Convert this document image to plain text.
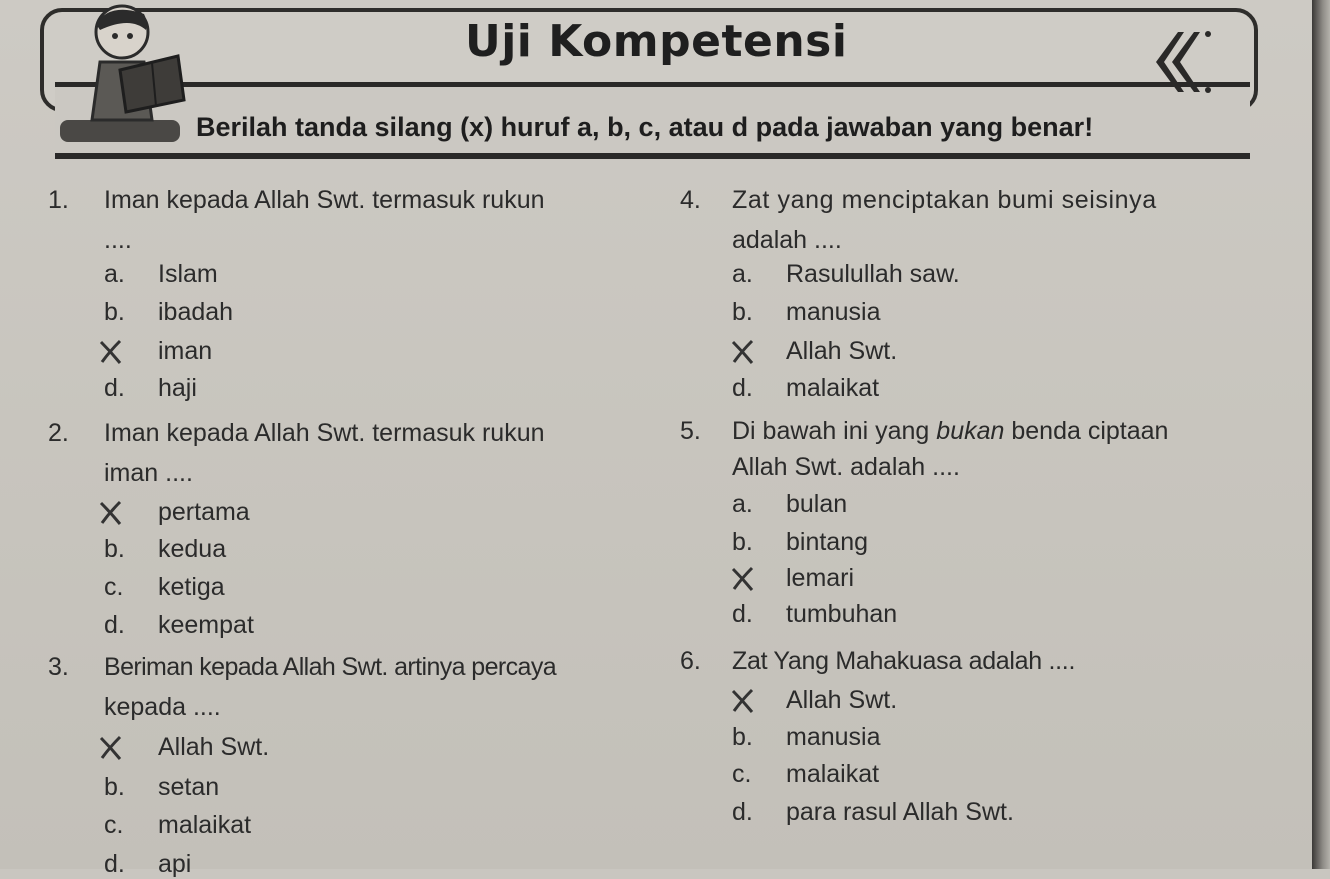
Uji Kompetensi
Berilah tanda silang (x) huruf a, b, c, atau d pada jawaban yang benar!
1. Iman kepada Allah Swt. termasuk rukun
....
a. Islam
b. ibadah
iman
d. haji
2. Iman kepada Allah Swt. termasuk rukun
iman ....
pertama
b. kedua
c. ketiga
d. keempat
3. Beriman kepada Allah Swt. artinya percaya
kepada ....
Allah Swt.
b. setan
c. malaikat
d. api
4. Zat yang menciptakan bumi seisinya
adalah ....
a. Rasulullah saw.
b. manusia
Allah Swt.
d. malaikat
5. Di bawah ini yang bukan benda ciptaan
Allah Swt. adalah ....
a. bulan
b. bintang
lemari
d. tumbuhan
6. Zat Yang Mahakuasa adalah ....
Allah Swt.
b. manusia
c. malaikat
d. para rasul Allah Swt.
